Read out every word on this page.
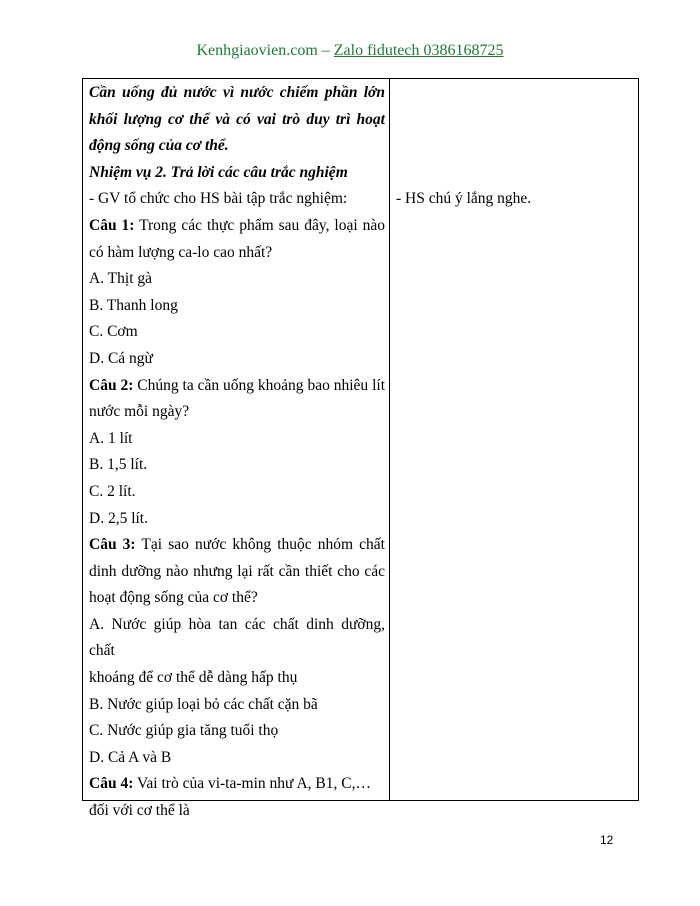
Kenhgiaovien.com – Zalo fidutech 0386168725
Cần uống đủ nước vì nước chiếm phần lớn
khối lượng cơ thể và có vai trò duy trì hoạt
động sống của cơ thể.
Nhiệm vụ 2. Trả lời các câu trắc nghiệm
- GV tổ chức cho HS bài tập trắc nghiệm:
Câu 1: Trong các thực phẩm sau đây, loại nào
có hàm lượng ca-lo cao nhất?
A. Thịt gà
B. Thanh long
C. Cơm
D. Cá ngừ
Câu 2: Chúng ta cần uống khoảng bao nhiêu lít
nước mỗi ngày?
A. 1 lít
B. 1,5 lít.
C. 2 lít.
D. 2,5 lít.
Câu 3: Tại sao nước không thuộc nhóm chất
dinh dưỡng nào nhưng lại rất cần thiết cho các
hoạt động sống của cơ thể?
A. Nước giúp hòa tan các chất dinh dưỡng, chất
khoáng để cơ thể dễ dàng hấp thụ
B. Nước giúp loại bỏ các chất cặn bã
C. Nước giúp gia tăng tuổi thọ
D. Cả A và B
Câu 4: Vai trò của vi-ta-min như A, B1, C,…
đối với cơ thể là
- HS chú ý lắng nghe.
12
